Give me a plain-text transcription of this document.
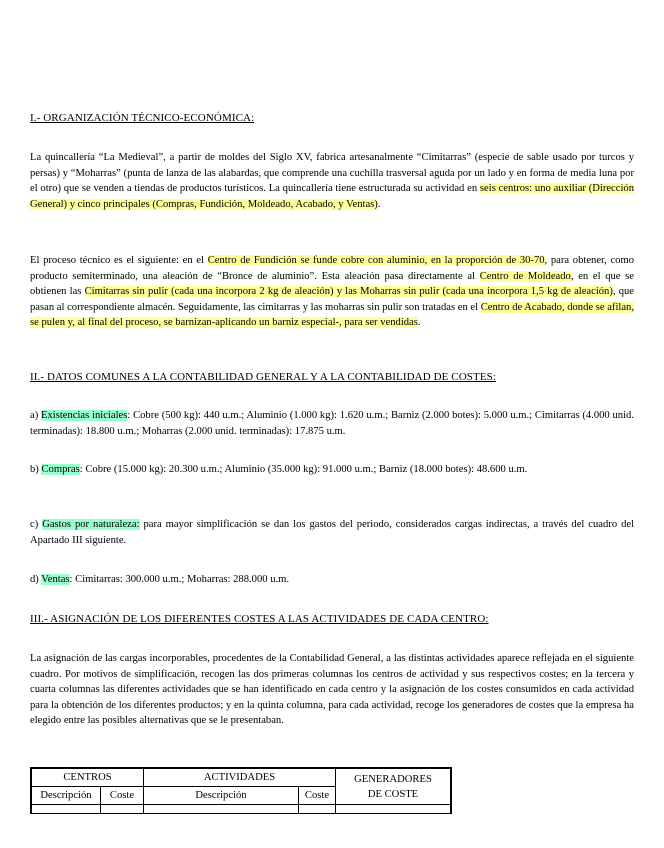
I.- ORGANIZACIÓN TÉCNICO-ECONÓMICA:
La quincallería “La Medieval”, a partir de moldes del Siglo XV, fabrica artesanalmente “Cimitarras” (especie de sable usado por turcos y persas) y “Moharras” (punta de lanza de las alabardas, que comprende una cuchilla trasversal aguda por un lado y en forma de media luna por el otro) que se venden a tiendas de productos turísticos. La quincallería tiene estructurada su actividad en seis centros: uno auxiliar (Dirección General) y cinco principales (Compras, Fundición, Moldeado, Acabado, y Ventas).
El proceso técnico es el siguiente: en el Centro de Fundición se funde cobre con aluminio, en la proporción de 30-70, para obtener, como producto semiterminado, una aleación de “Bronce de aluminio”. Esta aleación pasa directamente al Centro de Moldeado, en el que se obtienen las Cimitarras sin pulir (cada una incorpora 2 kg de aleación) y las Moharras sin pulir (cada una incorpora 1,5 kg de aleación), que pasan al correspondiente almacén. Seguidamente, las cimitarras y las moharras sin pulir son tratadas en el Centro de Acabado, donde se afilan, se pulen y, al final del proceso, se barnizan-aplicando un barniz especial-, para ser vendidas.
II.- DATOS COMUNES A LA CONTABILIDAD GENERAL Y A LA CONTABILIDAD DE COSTES:
a) Existencias iniciales: Cobre (500 kg): 440 u.m.; Aluminio (1.000 kg): 1.620 u.m.; Barniz (2.000 botes): 5.000 u.m.; Cimitarras (4.000 unid. terminadas): 18.800 u.m.; Moharras (2.000 unid. terminadas): 17.875 u.m.
b) Compras: Cobre (15.000 kg): 20.300 u.m.; Aluminio (35.000 kg): 91.000 u.m.; Barniz (18.000 botes): 48.600 u.m.
c) Gastos por naturaleza: para mayor simplificación se dan los gastos del periodo, considerados cargas indirectas, a través del cuadro del Apartado III siguiente.
d) Ventas: Cimitarras: 300.000 u.m.; Moharras: 288.000 u.m.
III.- ASIGNACIÓN DE LOS DIFERENTES COSTES A LAS ACTIVIDADES DE CADA CENTRO:
La asignación de las cargas incorporables, procedentes de la Contabilidad General, a las distintas actividades aparece reflejada en el siguiente cuadro. Por motivos de simplificación, recogen las dos primeras columnas los centros de actividad y sus respectivos costes; en la tercera y cuarta columnas las diferentes actividades que se han identificado en cada centro y la asignación de los costes consumidos en cada actividad para la obtención de los diferentes productos; y en la quinta columna, para cada actividad, recoge los generadores de costes que la empresa ha elegido entre las posibles alternativas que se le presentaban.
CENTROS		ACTIVIDADES		GENERADORES
DE COSTE
Descripción	Coste	Descripción	Coste	
